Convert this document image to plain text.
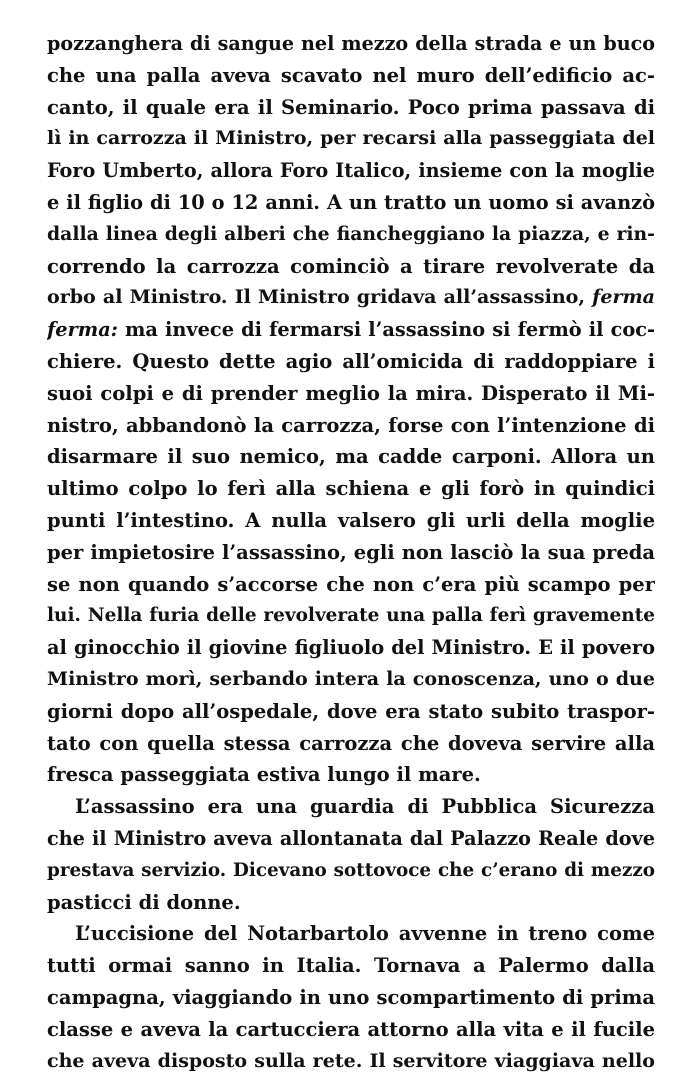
pozzanghera di sangue nel mezzo della strada e un buco
che una palla aveva scavato nel muro dell’edificio ac-
canto, il quale era il Seminario. Poco prima passava di
lì in carrozza il Ministro, per recarsi alla passeggiata del
Foro Umberto, allora Foro Italico, insieme con la moglie
e il figlio di 10 o 12 anni. A un tratto un uomo si avanzò
dalla linea degli alberi che fiancheggiano la piazza, e rin-
correndo la carrozza cominciò a tirare revolverate da
orbo al Ministro. Il Ministro gridava all’assassino, ferma
ferma: ma invece di fermarsi l’assassino si fermò il coc-
chiere. Questo dette agio all’omicida di raddoppiare i
suoi colpi e di prender meglio la mira. Disperato il Mi-
nistro, abbandonò la carrozza, forse con l’intenzione di
disarmare il suo nemico, ma cadde carponi. Allora un
ultimo colpo lo ferì alla schiena e gli forò in quindici
punti l’intestino. A nulla valsero gli urli della moglie
per impietosire l’assassino, egli non lasciò la sua preda
se non quando s’accorse che non c’era più scampo per
lui. Nella furia delle revolverate una palla ferì gravemente
al ginocchio il giovine figliuolo del Ministro. E il povero
Ministro morì, serbando intera la conoscenza, uno o due
giorni dopo all’ospedale, dove era stato subito traspor-
tato con quella stessa carrozza che doveva servire alla
fresca passeggiata estiva lungo il mare.
L’assassino era una guardia di Pubblica Sicurezza
che il Ministro aveva allontanata dal Palazzo Reale dove
prestava servizio. Dicevano sottovoce che c’erano di mezzo
pasticci di donne.
L’uccisione del Notarbartolo avvenne in treno come
tutti ormai sanno in Italia. Tornava a Palermo dalla
campagna, viaggiando in uno scompartimento di prima
classe e aveva la cartucciera attorno alla vita e il fucile
che aveva disposto sulla rete. Il servitore viaggiava nello
